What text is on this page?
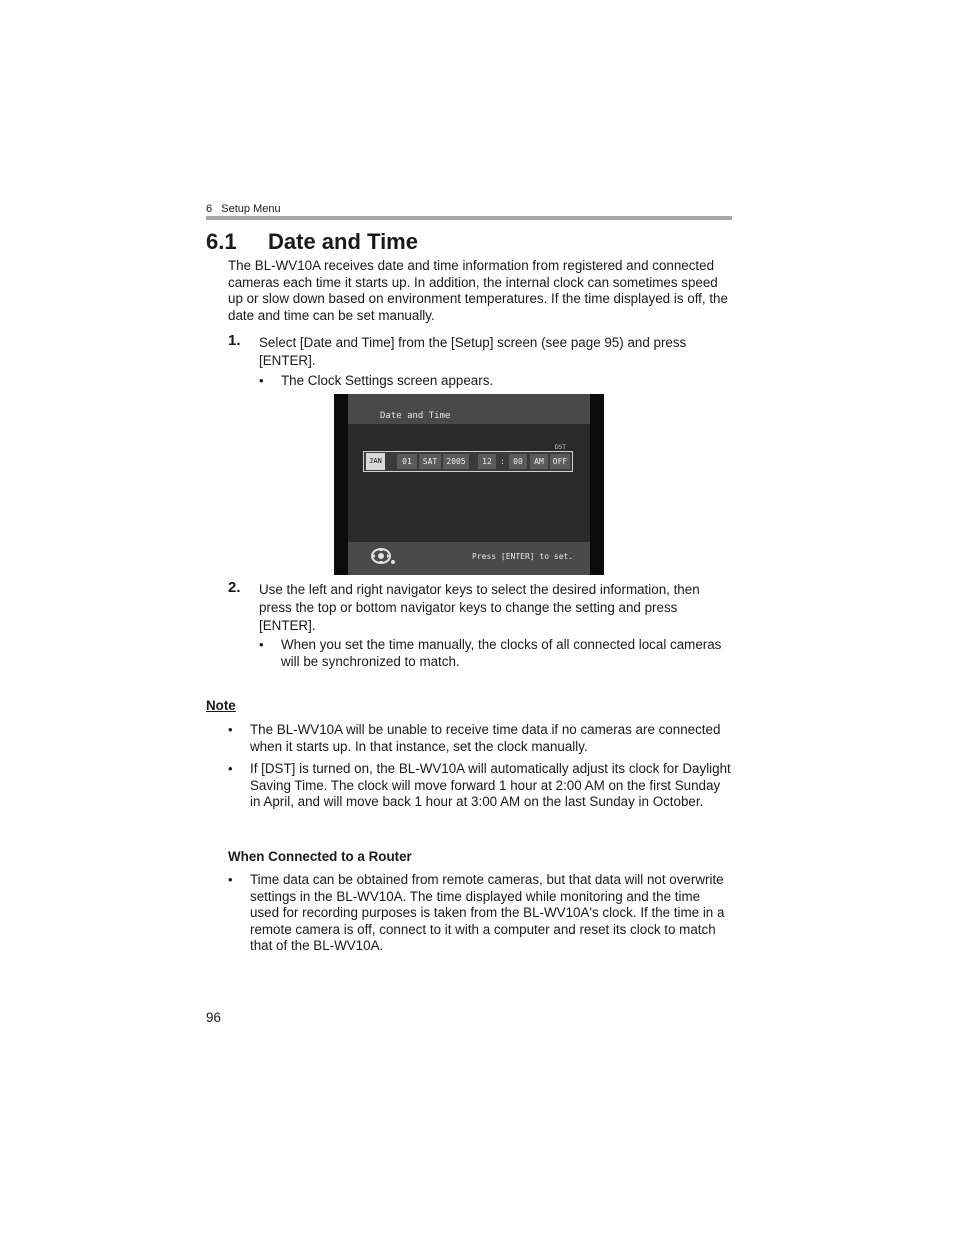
6   Setup Menu
6.1 Date and Time
The BL-WV10A receives date and time information from registered and connected cameras each time it starts up. In addition, the internal clock can sometimes speed up or slow down based on environment temperatures. If the time displayed is off, the date and time can be set manually.
1. Select [Date and Time] from the [Setup] screen (see page 95) and press [ENTER].
• The Clock Settings screen appears.
Date and Time
DST
JAN	01	SAT	2005	12	:	00	AM	OFF
Press [ENTER] to set.
2. Use the left and right navigator keys to select the desired information, then press the top or bottom navigator keys to change the setting and press [ENTER].
• When you set the time manually, the clocks of all connected local cameras will be synchronized to match.
Note
• The BL-WV10A will be unable to receive time data if no cameras are connected when it starts up. In that instance, set the clock manually.
• If [DST] is turned on, the BL-WV10A will automatically adjust its clock for Daylight Saving Time. The clock will move forward 1 hour at 2:00 AM on the first Sunday in April, and will move back 1 hour at 3:00 AM on the last Sunday in October.
When Connected to a Router
• Time data can be obtained from remote cameras, but that data will not overwrite settings in the BL-WV10A. The time displayed while monitoring and the time used for recording purposes is taken from the BL-WV10A's clock. If the time in a remote camera is off, connect to it with a computer and reset its clock to match that of the BL-WV10A.
96
